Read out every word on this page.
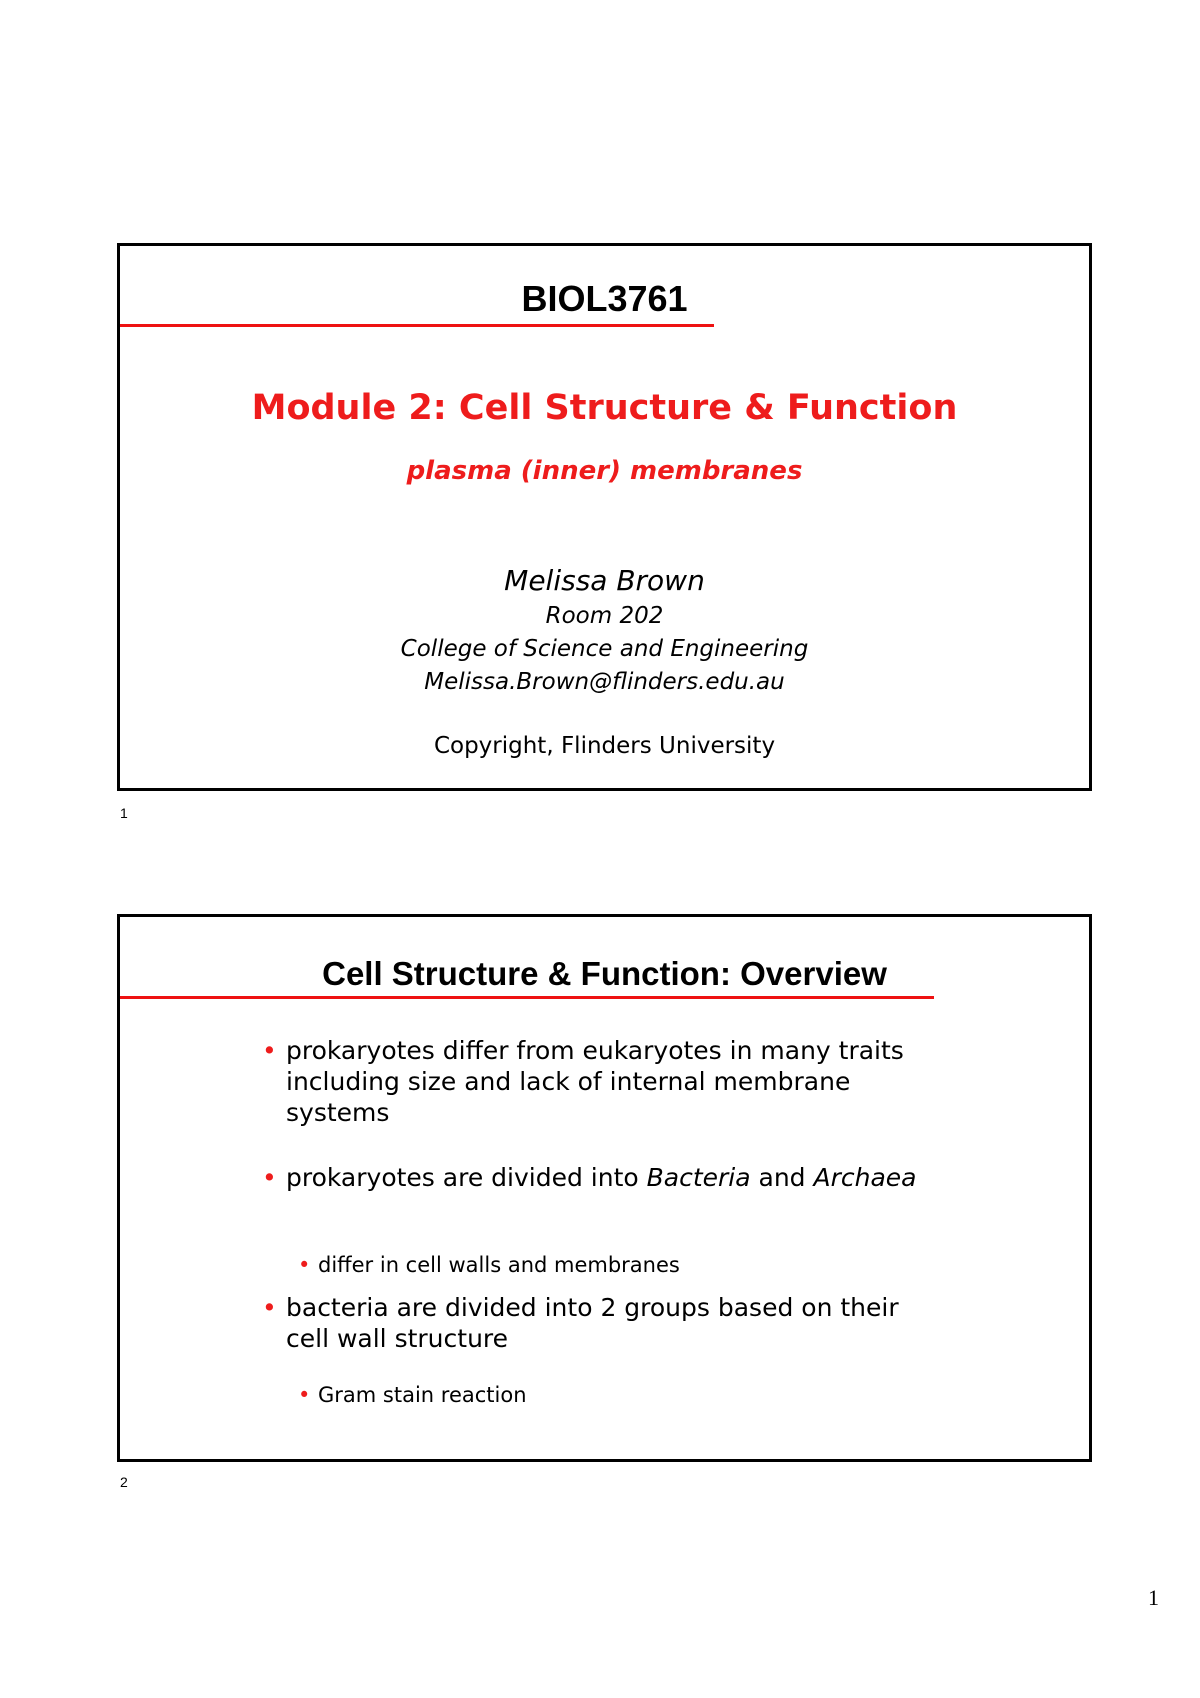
BIOL3761
Module 2: Cell Structure & Function
plasma (inner) membranes
Melissa Brown
Room 202
College of Science and Engineering
Melissa.Brown@flinders.edu.au
Copyright, Flinders University
1
Cell Structure & Function: Overview
• prokaryotes differ from eukaryotes in many traits including size and lack of internal membrane systems
• prokaryotes are divided into Bacteria and Archaea
• differ in cell walls and membranes
• bacteria are divided into 2 groups based on their cell wall structure
• Gram stain reaction
2
1
